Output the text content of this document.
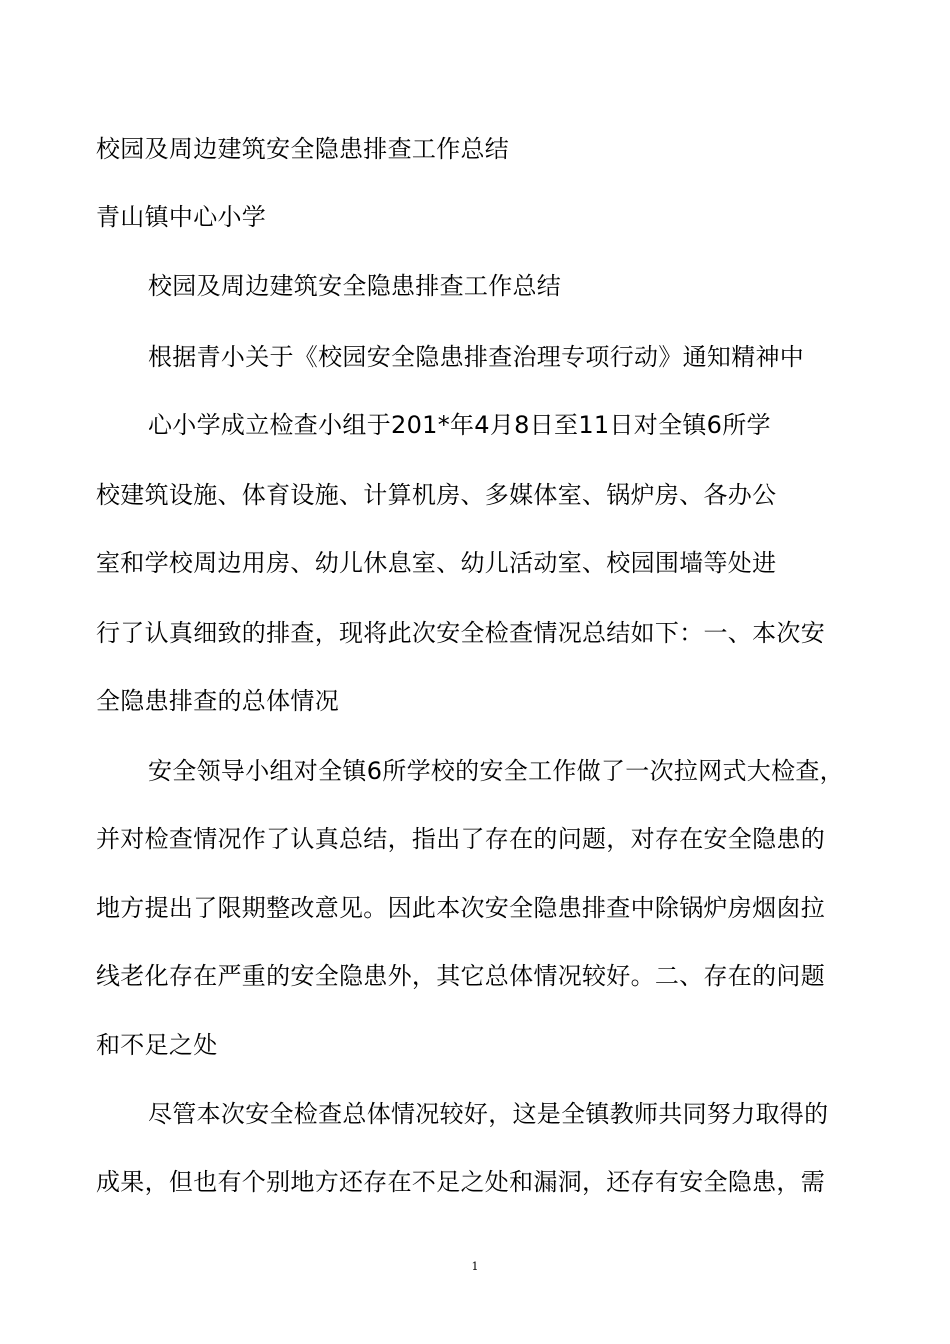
校园及周边建筑安全隐患排查工作总结
青山镇中心小学
校园及周边建筑安全隐患排查工作总结
根据青小关于《校园安全隐患排查治理专项行动》通知精神中
心小学成立检查小组于201*年4月8日至11日对全镇6所学
校建筑设施、体育设施、计算机房、多媒体室、锅炉房、各办公
室和学校周边用房、幼儿休息室、幼儿活动室、校园围墙等处进
行了认真细致的排查，现将此次安全检查情况总结如下：一、本次安
全隐患排查的总体情况
安全领导小组对全镇6所学校的安全工作做了一次拉网式大检查，
并对检查情况作了认真总结，指出了存在的问题，对存在安全隐患的
地方提出了限期整改意见。因此本次安全隐患排查中除锅炉房烟囱拉
线老化存在严重的安全隐患外，其它总体情况较好。二、存在的问题
和不足之处
尽管本次安全检查总体情况较好，这是全镇教师共同努力取得的
成果，但也有个别地方还存在不足之处和漏洞，还存有安全隐患，需
1
